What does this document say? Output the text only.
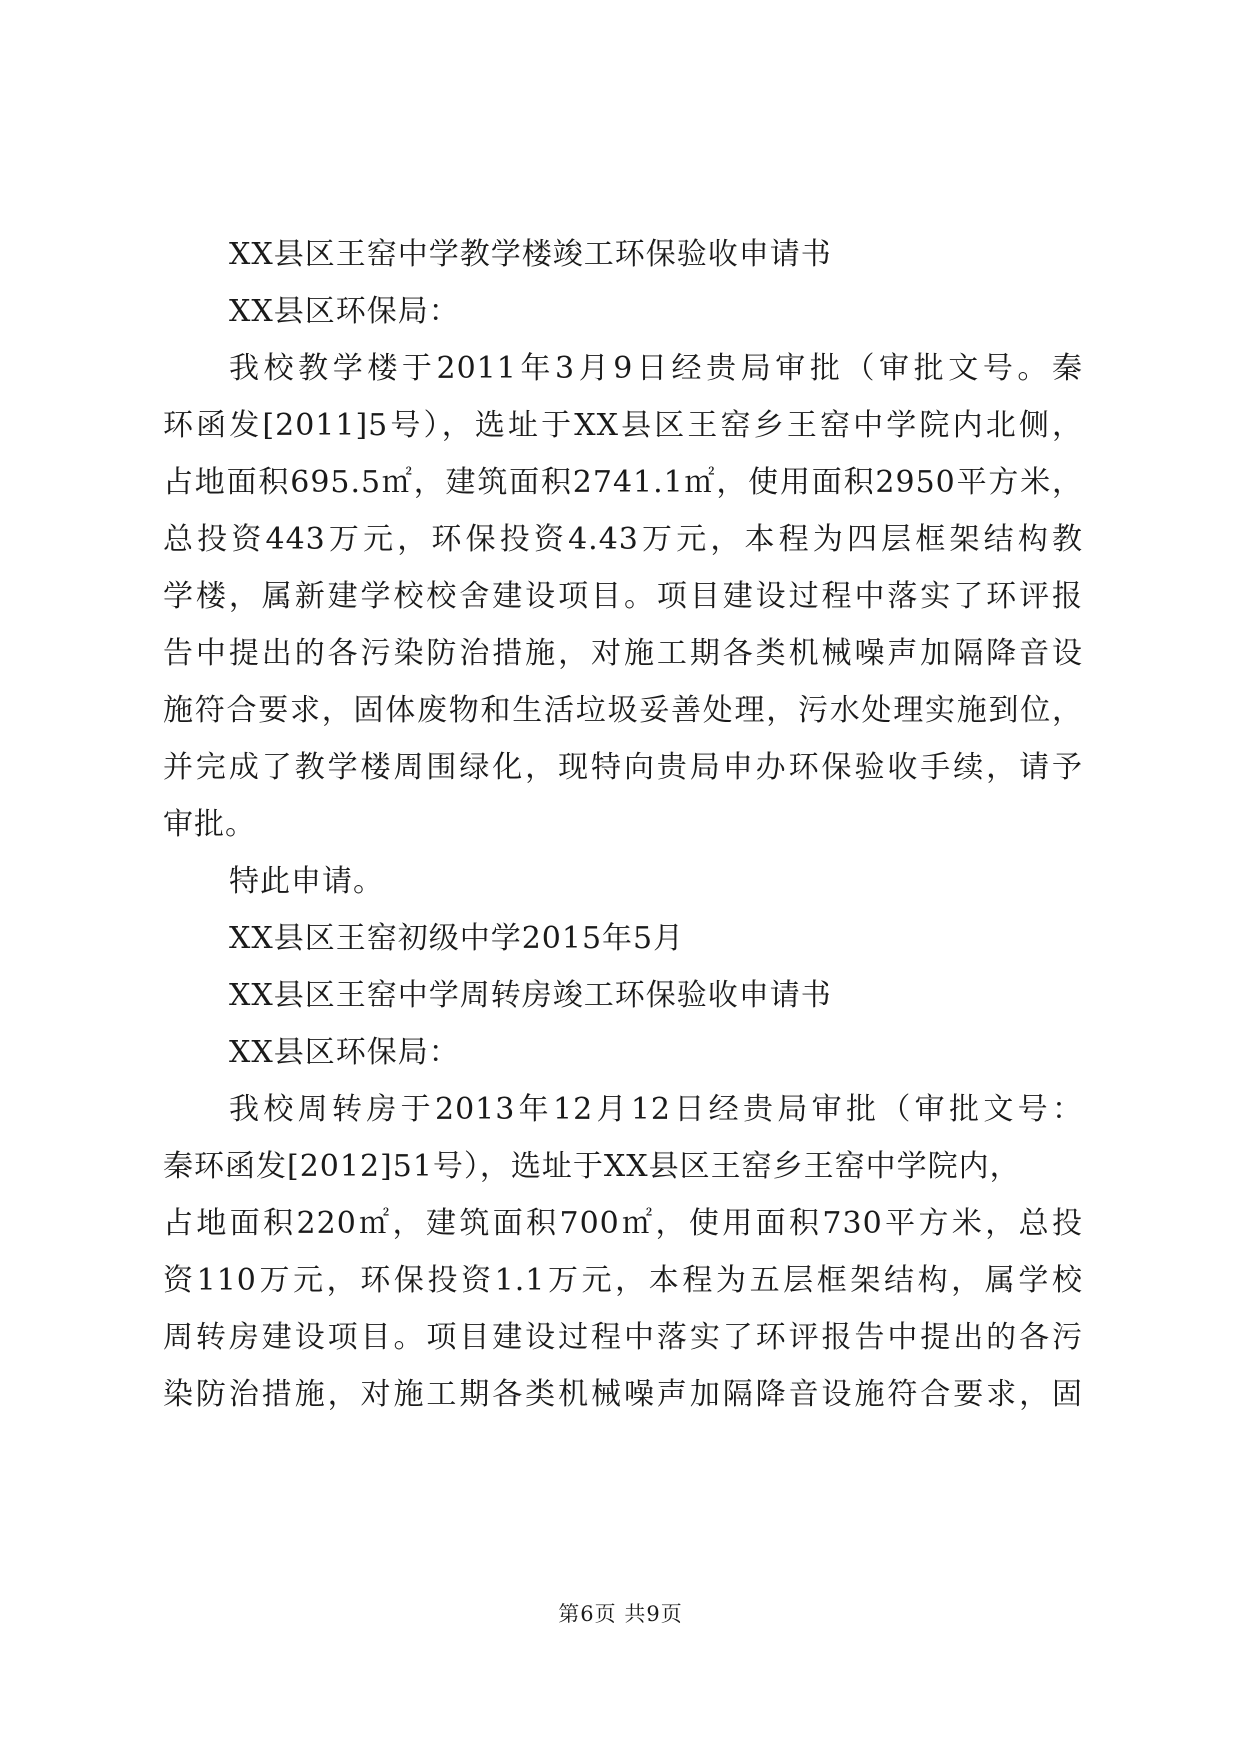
XX县区王窑中学教学楼竣工环保验收申请书
XX县区环保局：
我校教学楼于2011年3月9日经贵局审批（审批文号。秦
环函发[2011]5号），选址于XX县区王窑乡王窑中学院内北侧，
占地面积695.5㎡，建筑面积2741.1㎡，使用面积2950平方米，
总投资443万元，环保投资4.43万元，本程为四层框架结构教
学楼，属新建学校校舍建设项目。项目建设过程中落实了环评报
告中提出的各污染防治措施，对施工期各类机械噪声加隔降音设
施符合要求，固体废物和生活垃圾妥善处理，污水处理实施到位，
并完成了教学楼周围绿化，现特向贵局申办环保验收手续，请予
审批。
特此申请。
XX县区王窑初级中学2015年5月
XX县区王窑中学周转房竣工环保验收申请书
XX县区环保局：
我校周转房于2013年12月12日经贵局审批（审批文号：
秦环函发[2012]51号），选址于XX县区王窑乡王窑中学院内，
占地面积220㎡，建筑面积700㎡，使用面积730平方米，总投
资110万元，环保投资1.1万元，本程为五层框架结构，属学校
周转房建设项目。项目建设过程中落实了环评报告中提出的各污
染防治措施，对施工期各类机械噪声加隔降音设施符合要求，固
第6页 共9页
